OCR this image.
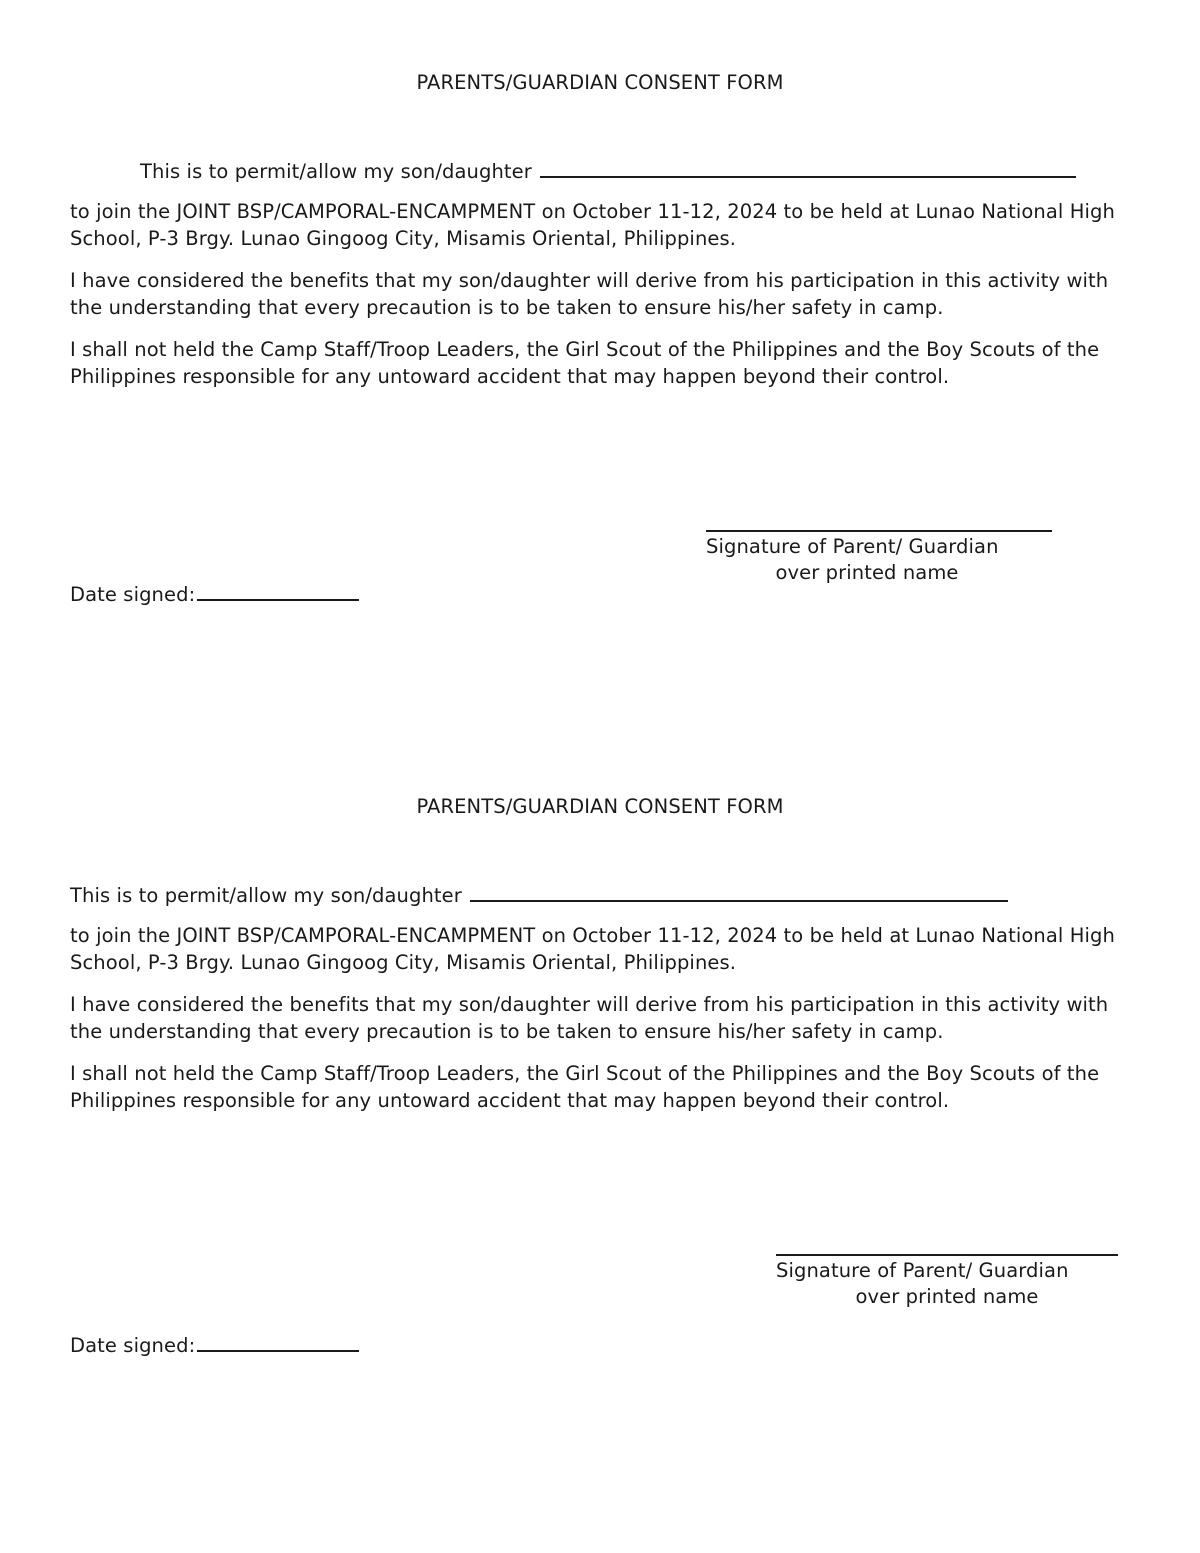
PARENTS/GUARDIAN CONSENT FORM
This is to permit/allow my son/daughter

to join the JOINT BSP/CAMPORAL-ENCAMPMENT on October 11-12, 2024 to be held at Lunao National High School, P-3 Brgy. Lunao Gingoog City, Misamis Oriental, Philippines.

I have considered the benefits that my son/daughter will derive from his participation in this activity with the understanding that every precaution is to be taken to ensure his/her safety in camp.

I shall not held the Camp Staff/Troop Leaders, the Girl Scout of the Philippines and the Boy Scouts of the Philippines responsible for any untoward accident that may happen beyond their control.

Signature of Parent/ Guardian
over printed name
Date signed:
PARENTS/GUARDIAN CONSENT FORM
This is to permit/allow my son/daughter

to join the JOINT BSP/CAMPORAL-ENCAMPMENT on October 11-12, 2024 to be held at Lunao National High School, P-3 Brgy. Lunao Gingoog City, Misamis Oriental, Philippines.

I have considered the benefits that my son/daughter will derive from his participation in this activity with the understanding that every precaution is to be taken to ensure his/her safety in camp.

I shall not held the Camp Staff/Troop Leaders, the Girl Scout of the Philippines and the Boy Scouts of the Philippines responsible for any untoward accident that may happen beyond their control.

Signature of Parent/ Guardian
over printed name
Date signed:
